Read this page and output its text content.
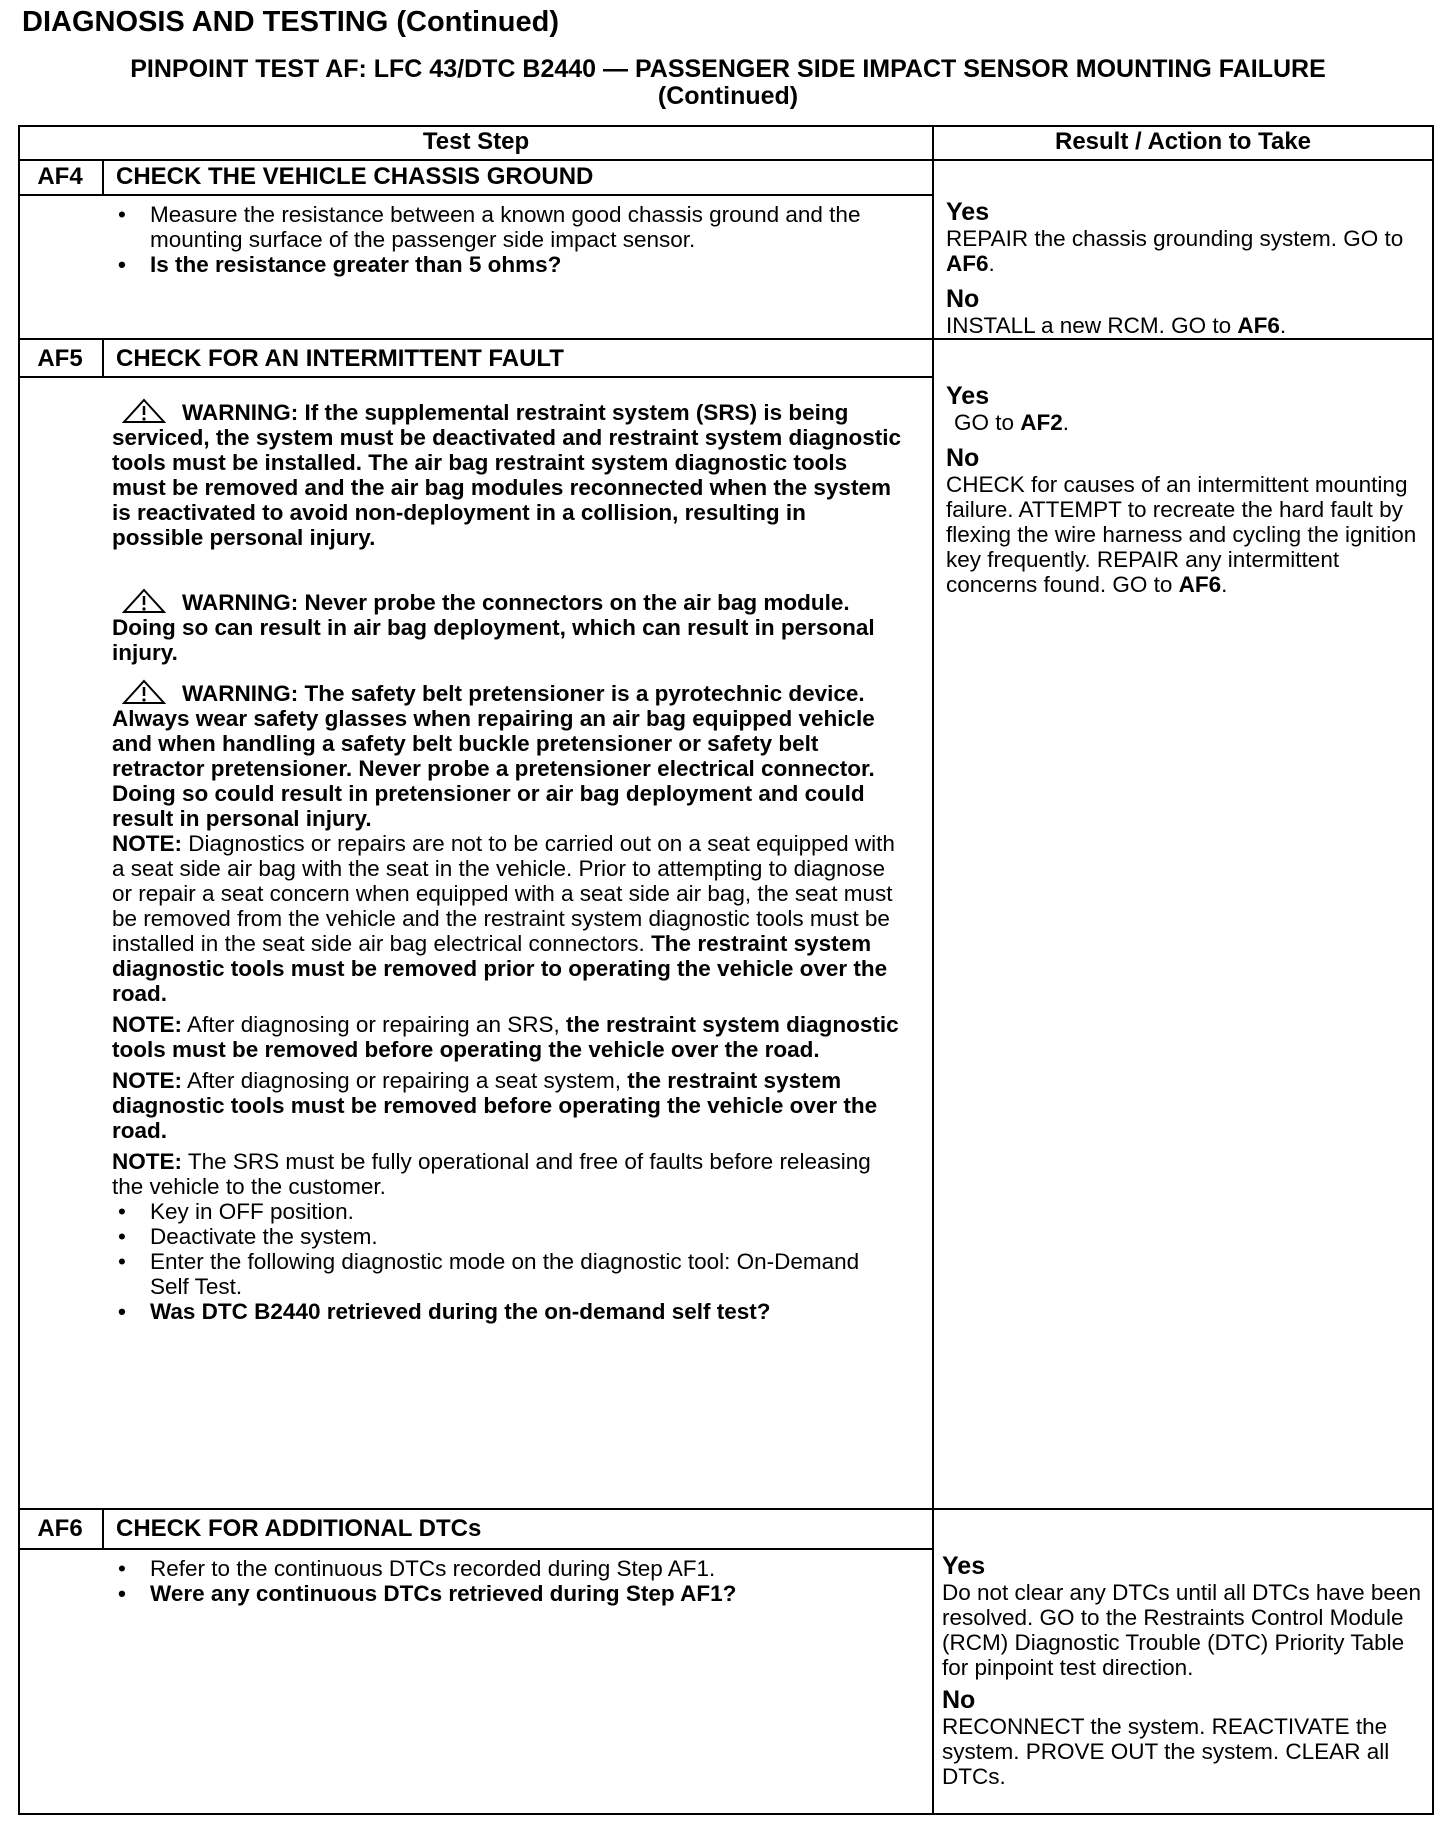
DIAGNOSIS AND TESTING (Continued)
PINPOINT TEST AF: LFC 43/DTC B2440 — PASSENGER SIDE IMPACT SENSOR MOUNTING FAILURE
(Continued)
Test Step	Result / Action to Take
AF4	CHECK THE VEHICLE CHASSIS GROUND
• Measure the resistance between a known good chassis ground and the mounting surface of the passenger side impact sensor.
• Is the resistance greater than 5 ohms?
Yes

REPAIR the chassis grounding system. GO to AF6.

No

INSTALL a new RCM. GO to AF6.

AF5	CHECK FOR AN INTERMITTENT FAULT

WARNING: If the supplemental restraint system (SRS) is being serviced, the system must be deactivated and restraint system diagnostic tools must be installed. The air bag restraint system diagnostic tools must be removed and the air bag modules reconnected when the system is reactivated to avoid non-deployment in a collision, resulting in possible personal injury.

WARNING: Never probe the connectors on the air bag module. Doing so can result in air bag deployment, which can result in personal injury.

WARNING: The safety belt pretensioner is a pyrotechnic device. Always wear safety glasses when repairing an air bag equipped vehicle and when handling a safety belt buckle pretensioner or safety belt retractor pretensioner. Never probe a pretensioner electrical connector. Doing so could result in pretensioner or air bag deployment and could result in personal injury.

NOTE: Diagnostics or repairs are not to be carried out on a seat equipped with a seat side air bag with the seat in the vehicle. Prior to attempting to diagnose or repair a seat concern when equipped with a seat side air bag, the seat must be removed from the vehicle and the restraint system diagnostic tools must be installed in the seat side air bag electrical connectors. The restraint system diagnostic tools must be removed prior to operating the vehicle over the road.

NOTE: After diagnosing or repairing an SRS, the restraint system diagnostic tools must be removed before operating the vehicle over the road.

NOTE: After diagnosing or repairing a seat system, the restraint system diagnostic tools must be removed before operating the vehicle over the road.

NOTE: The SRS must be fully operational and free of faults before releasing the vehicle to the customer.

• Key in OFF position.
• Deactivate the system.
• Enter the following diagnostic mode on the diagnostic tool: On-Demand Self Test.
• Was DTC B2440 retrieved during the on-demand self test?
Yes

GO to AF2.

No

CHECK for causes of an intermittent mounting failure. ATTEMPT to recreate the hard fault by flexing the wire harness and cycling the ignition key frequently. REPAIR any intermittent concerns found. GO to AF6.

AF6	CHECK FOR ADDITIONAL DTCs
• Refer to the continuous DTCs recorded during Step AF1.
• Were any continuous DTCs retrieved during Step AF1?
Yes

Do not clear any DTCs until all DTCs have been resolved. GO to the Restraints Control Module (RCM) Diagnostic Trouble (DTC) Priority Table for pinpoint test direction.

No

RECONNECT the system. REACTIVATE the system. PROVE OUT the system. CLEAR all DTCs.
